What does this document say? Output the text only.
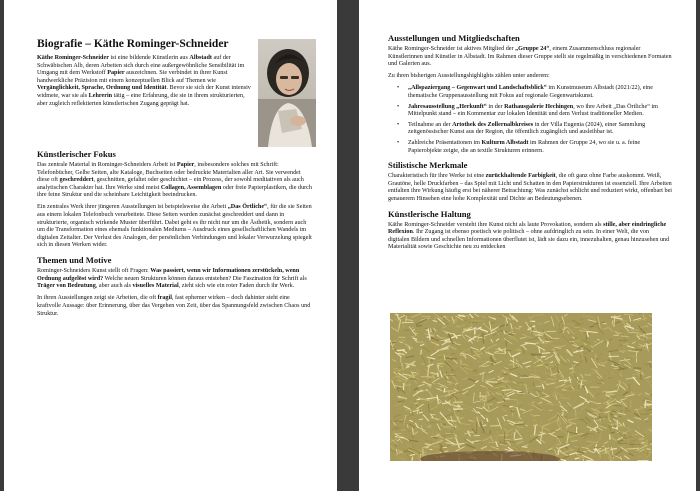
Biografie – Käthe Rominger-Schneider

Käthe Rominger-Schneider ist eine bildende Künstlerin aus Albstadt auf der Schwäbischen Alb, deren Arbeiten sich durch eine außergewöhnliche Sensibilität im Umgang mit dem Werkstoff Papier auszeichnen. Sie verbindet in ihrer Kunst handwerkliche Präzision mit einem konzeptuellen Blick auf Themen wie Vergänglichkeit, Sprache, Ordnung und Identität. Bevor sie sich der Kunst intensiv widmete, war sie als Lehrerin tätig – eine Erfahrung, die sie in ihrem strukturierten, aber zugleich reflektierten künstlerischen Zugang geprägt hat.

Künstlerischer Fokus

Das zentrale Material in Rominger-Schneiders Arbeit ist Papier, insbesondere solches mit Schrift: Telefonbücher, Gelbe Seiten, alte Kataloge, Buchseiten oder bedruckte Materialien aller Art. Sie verwendet diese oft geschreddert, geschnitten, gefaltet oder geschichtet – ein Prozess, der sowohl meditativen als auch analytischen Charakter hat. Ihre Werke sind meist Collagen, Assemblagen oder freie Papierplastiken, die durch ihre feine Struktur und die scheinbare Leichtigkeit beeindrucken.

Ein zentrales Werk ihrer jüngeren Ausstellungen ist beispielsweise die Arbeit „Das Örtliche“, für die sie Seiten aus einem lokalen Telefonbuch verarbeitete. Diese Seiten wurden zunächst geschreddert und dann in strukturierte, organisch wirkende Muster überführt. Dabei geht es ihr nicht nur um die Ästhetik, sondern auch um die Transformation eines ehemals funktionalen Mediums – Ausdruck eines gesellschaftlichen Wandels im digitalen Zeitalter. Der Verlust des Analogen, der persönlichen Verbindungen und lokaler Verwurzelung spiegelt sich in diesen Werken wider.

Themen und Motive

Rominger-Schneiders Kunst stellt oft Fragen: Was passiert, wenn wir Informationen zerstückeln, wenn Ordnung aufgelöst wird? Welche neuen Strukturen können daraus entstehen? Die Faszination für Schrift als Träger von Bedeutung, aber auch als visuelles Material, zieht sich wie ein roter Faden durch ihr Werk.

In ihren Ausstellungen zeigt sie Arbeiten, die oft fragil, fast ephemer wirken – doch dahinter steht eine kraftvolle Aussage: über Erinnerung, über das Vergehen von Zeit, über das Spannungsfeld zwischen Chaos und Struktur.

Ausstellungen und Mitgliedschaften

Käthe Rominger-Schneider ist aktives Mitglied der „Gruppe 24“, einem Zusammenschluss regionaler Künstlerinnen und Künstler in Albstadt. Im Rahmen dieser Gruppe stellt sie regelmäßig in verschiedenen Formaten und Galerien aus.

Zu ihren bisherigen Ausstellungshighlights zählen unter anderem:

• „Allspaziergang – Gegenwart und Landschaftsblick“ im Kunstmuseum Albstadt (2021/22), eine thematische Gruppenausstellung mit Fokus auf regionale Gegenwartskunst.
• Jahresausstellung „Herkunft“ in der Rathausgalerie Hechingen, wo ihre Arbeit „Das Örtliche“ im Mittelpunkt stand – ein Kommentar zur lokalen Identität und dem Verlust traditioneller Medien.
• Teilnahme an der Artothek des Zollernalbkreises in der Villa Eugenia (2024), einer Sammlung zeitgenössischer Kunst aus der Region, die öffentlich zugänglich und ausleihbar ist.
• Zahlreiche Präsentationen im Kulturm Albstadt im Rahmen der Gruppe 24, wo sie u. a. feine Papierobjekte zeigte, die an textile Strukturen erinnern.
Stilistische Merkmale

Charakteristisch für ihre Werke ist eine zurückhaltende Farbigkeit, die oft ganz ohne Farbe auskommt. Weiß, Grautöne, helle Druckfarben – das Spiel mit Licht und Schatten in den Papierstrukturen ist essenziell. Ihre Arbeiten entfalten ihre Wirkung häufig erst bei näherer Betrachtung: Was zunächst schlicht und reduziert wirkt, offenbart bei genauerem Hinsehen eine hohe Komplexität und Dichte an Bedeutungsebenen.

Künstlerische Haltung

Käthe Rominger-Schneider versteht ihre Kunst nicht als laute Provokation, sondern als stille, aber eindringliche Reflexion. Ihr Zugang ist ebenso poetisch wie politisch – ohne aufdringlich zu sein. In einer Welt, die von digitalen Bildern und schnellen Informationen überflutet ist, lädt sie dazu ein, innezuhalten, genau hinzusehen und Materialität sowie Geschichte neu zu entdecken
